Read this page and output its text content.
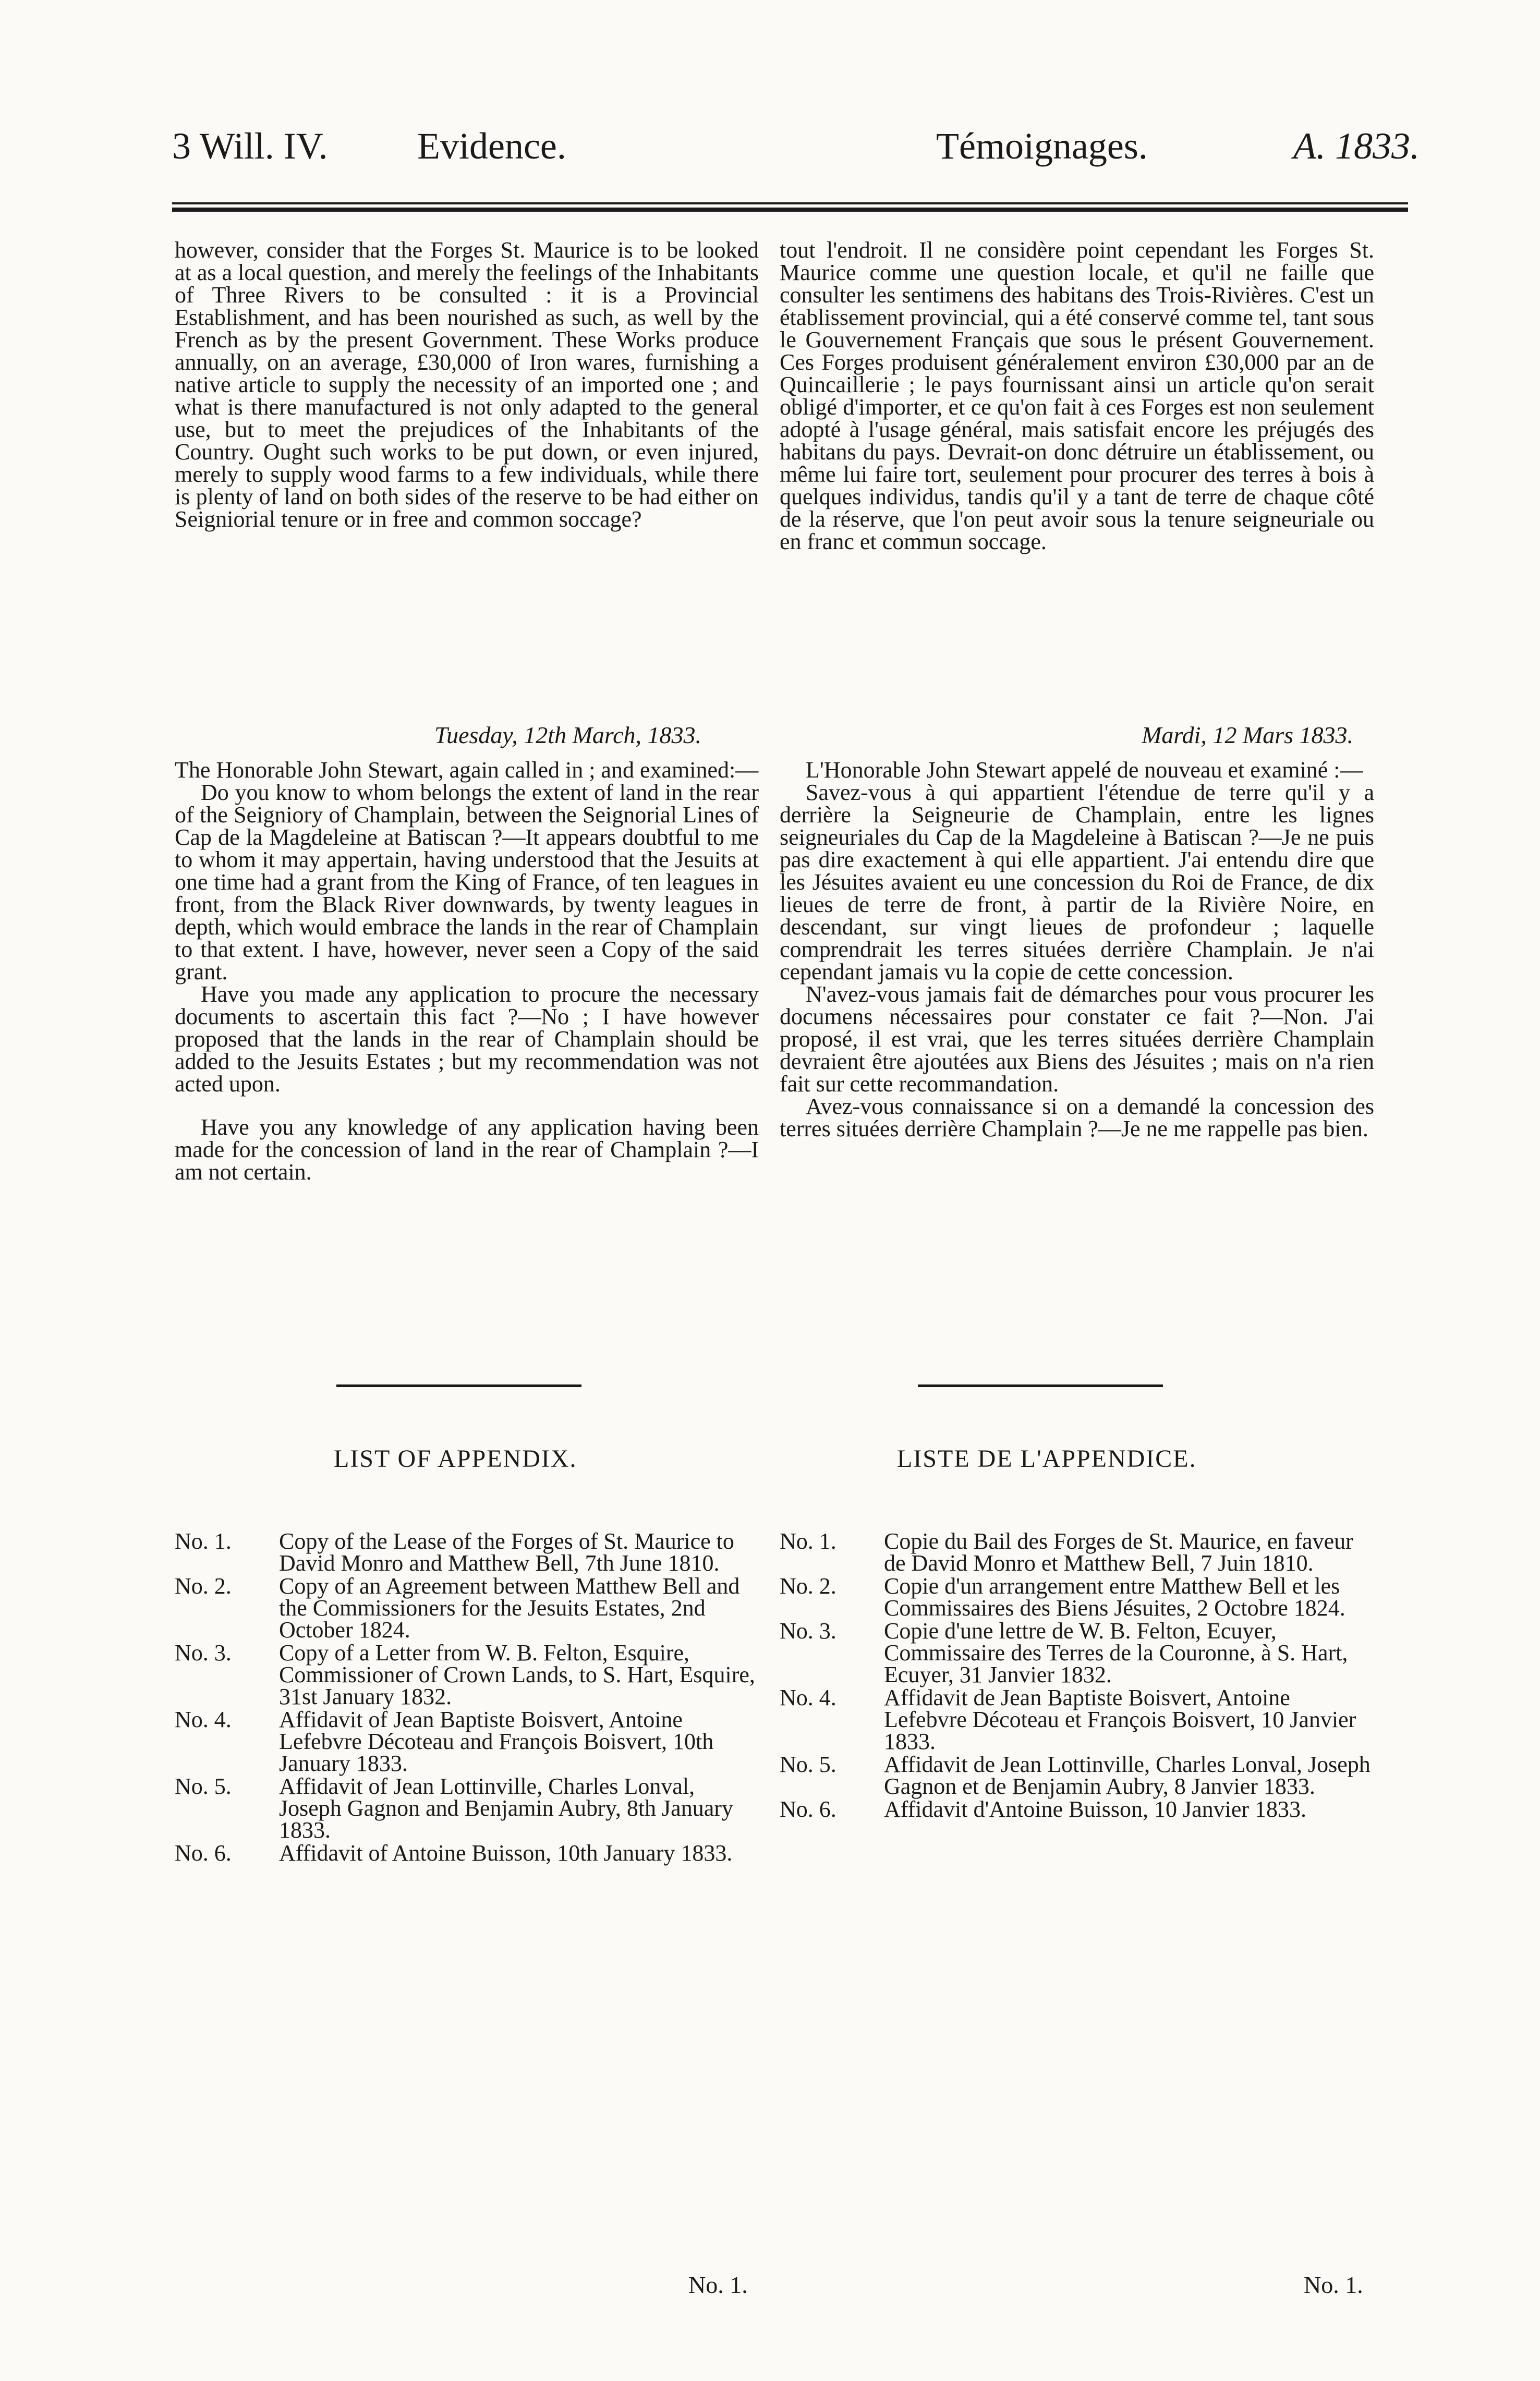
3 Will. IV. Evidence.	Témoignages.	A. 1833.

however, consider that the Forges St. Maurice is to be looked at as a local question, and merely the feelings of the Inhabitants of Three Rivers to be consulted : it is a Provincial Establishment, and has been nourished as such, as well by the French as by the present Government. These Works produce annually, on an average, £30,000 of Iron wares, furnishing a native article to supply the necessity of an imported one ; and what is there manufactured is not only adapted to the general use, but to meet the prejudices of the Inhabitants of the Country. Ought such works to be put down, or even injured, merely to supply wood farms to a few individuals, while there is plenty of land on both sides of the reserve to be had either on Seigniorial tenure or in free and common soccage?

tout l'endroit. Il ne considère point cependant les Forges St. Maurice comme une question locale, et qu'il ne faille que consulter les sentimens des habitans des Trois-Rivières. C'est un établissement provincial, qui a été conservé comme tel, tant sous le Gouvernement Français que sous le présent Gouvernement. Ces Forges produisent généralement environ £30,000 par an de Quincaillerie ; le pays fournissant ainsi un article qu'on serait obligé d'importer, et ce qu'on fait à ces Forges est non seulement adopté à l'usage général, mais satisfait encore les préjugés des habitans du pays. Devrait-on donc détruire un établissement, ou même lui faire tort, seulement pour procurer des terres à bois à quelques individus, tandis qu'il y a tant de terre de chaque côté de la réserve, que l'on peut avoir sous la tenure seigneuriale ou en franc et commun soccage.

Tuesday, 12th March, 1833.	Mardi, 12 Mars 1833.

The Honorable John Stewart, again called in ; and examined:—

Do you know to whom belongs the extent of land in the rear of the Seigniory of Champlain, between the Seignorial Lines of Cap de la Magdeleine at Batiscan ?—It appears doubtful to me to whom it may appertain, having understood that the Jesuits at one time had a grant from the King of France, of ten leagues in front, from the Black River downwards, by twenty leagues in depth, which would embrace the lands in the rear of Champlain to that extent. I have, however, never seen a Copy of the said grant.

Have you made any application to procure the necessary documents to ascertain this fact ?—No ; I have however proposed that the lands in the rear of Champlain should be added to the Jesuits Estates ; but my recommendation was not acted upon.

Have you any knowledge of any application having been made for the concession of land in the rear of Champlain ?—I am not certain.

L'Honorable John Stewart appelé de nouveau et examiné :—

Savez-vous à qui appartient l'étendue de terre qu'il y a derrière la Seigneurie de Champlain, entre les lignes seigneuriales du Cap de la Magdeleine à Batiscan ?—Je ne puis pas dire exactement à qui elle appartient. J'ai entendu dire que les Jésuites avaient eu une concession du Roi de France, de dix lieues de terre de front, à partir de la Rivière Noire, en descendant, sur vingt lieues de profondeur ; laquelle comprendrait les terres situées derrière Champlain. Je n'ai cependant jamais vu la copie de cette concession.

N'avez-vous jamais fait de démarches pour vous procurer les documens nécessaires pour constater ce fait ?—Non. J'ai proposé, il est vrai, que les terres situées derrière Champlain devraient être ajoutées aux Biens des Jésuites ; mais on n'a rien fait sur cette recommandation.

Avez-vous connaissance si on a demandé la concession des terres situées derrière Champlain ?—Je ne me rappelle pas bien.

LIST OF APPENDIX.	LISTE DE L'APPENDICE.
No. 1. Copy of the Lease of the Forges of St. Maurice to David Monro and Matthew Bell, 7th June 1810.
No. 2. Copy of an Agreement between Matthew Bell and the Commissioners for the Jesuits Estates, 2nd October 1824.
No. 3. Copy of a Letter from W. B. Felton, Esquire, Commissioner of Crown Lands, to S. Hart, Esquire, 31st January 1832.
No. 4. Affidavit of Jean Baptiste Boisvert, Antoine Lefebvre Décoteau and François Boisvert, 10th January 1833.
No. 5. Affidavit of Jean Lottinville, Charles Lonval, Joseph Gagnon and Benjamin Aubry, 8th January 1833.
No. 6. Affidavit of Antoine Buisson, 10th January 1833.
No. 1. Copie du Bail des Forges de St. Maurice, en faveur de David Monro et Matthew Bell, 7 Juin 1810.
No. 2. Copie d'un arrangement entre Matthew Bell et les Commissaires des Biens Jésuites, 2 Octobre 1824.
No. 3. Copie d'une lettre de W. B. Felton, Ecuyer, Commissaire des Terres de la Couronne, à S. Hart, Ecuyer, 31 Janvier 1832.
No. 4. Affidavit de Jean Baptiste Boisvert, Antoine Lefebvre Décoteau et François Boisvert, 10 Janvier 1833.
No. 5. Affidavit de Jean Lottinville, Charles Lonval, Joseph Gagnon et de Benjamin Aubry, 8 Janvier 1833.
No. 6. Affidavit d'Antoine Buisson, 10 Janvier 1833.
No. 1.	No. 1.
